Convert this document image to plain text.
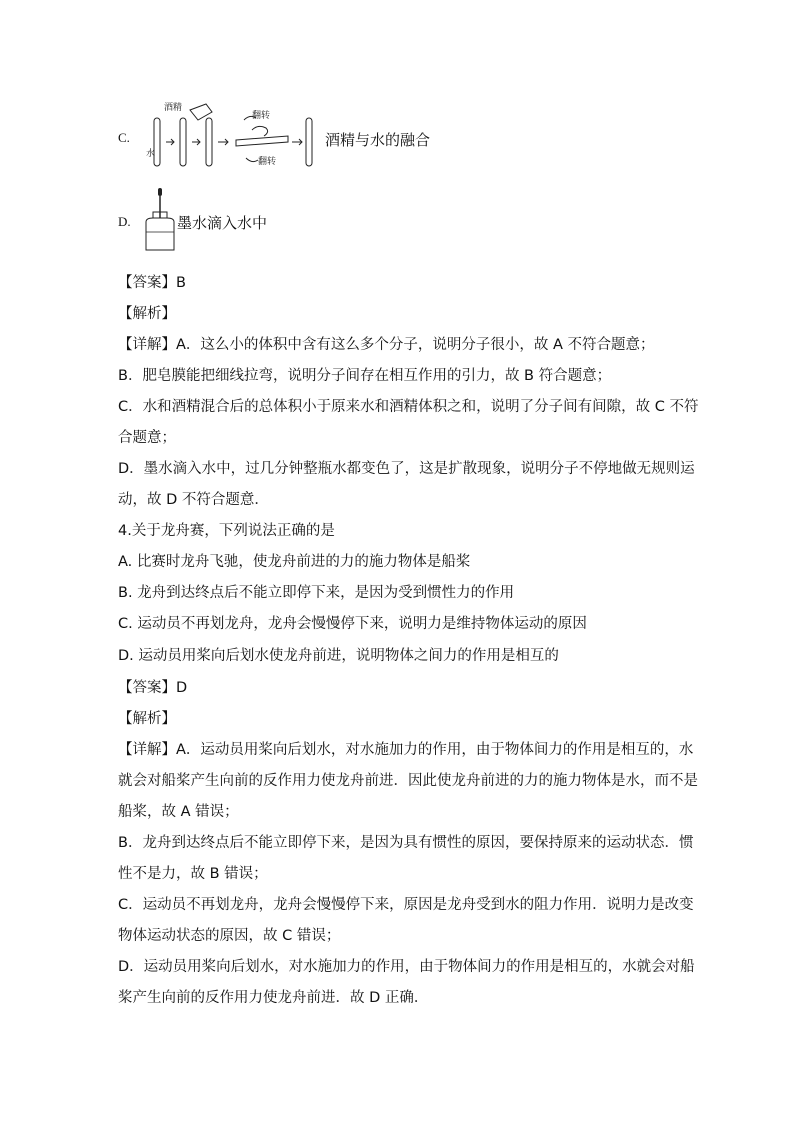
C.
酒精
水
翻转
翻转
酒精与水的融合
D.	墨水滴入水中
【答案】B
【解析】
【详解】A．这么小的体积中含有这么多个分子，说明分子很小，故 A 不符合题意；
B．肥皂膜能把细线拉弯，说明分子间存在相互作用的引力，故 B 符合题意；
C．水和酒精混合后的总体积小于原来水和酒精体积之和，说明了分子间有间隙，故 C 不符
合题意；
D．墨水滴入水中，过几分钟整瓶水都变色了，这是扩散现象，说明分子不停地做无规则运
动，故 D 不符合题意．
4.关于龙舟赛，下列说法正确的是
A. 比赛时龙舟飞驰，使龙舟前进的力的施力物体是船桨
B. 龙舟到达终点后不能立即停下来，是因为受到惯性力的作用
C. 运动员不再划龙舟，龙舟会慢慢停下来，说明力是维持物体运动的原因
D. 运动员用桨向后划水使龙舟前进，说明物体之间力的作用是相互的
【答案】D
【解析】
【详解】A．运动员用桨向后划水，对水施加力的作用，由于物体间力的作用是相互的，水
就会对船桨产生向前的反作用力使龙舟前进．因此使龙舟前进的力的施力物体是水，而不是
船桨，故 A 错误；
B．龙舟到达终点后不能立即停下来，是因为具有惯性的原因，要保持原来的运动状态．惯
性不是力，故 B 错误；
C．运动员不再划龙舟，龙舟会慢慢停下来，原因是龙舟受到水的阻力作用．说明力是改变
物体运动状态的原因，故 C 错误；
D．运动员用桨向后划水，对水施加力的作用，由于物体间力的作用是相互的，水就会对船
桨产生向前的反作用力使龙舟前进．故 D 正确．
